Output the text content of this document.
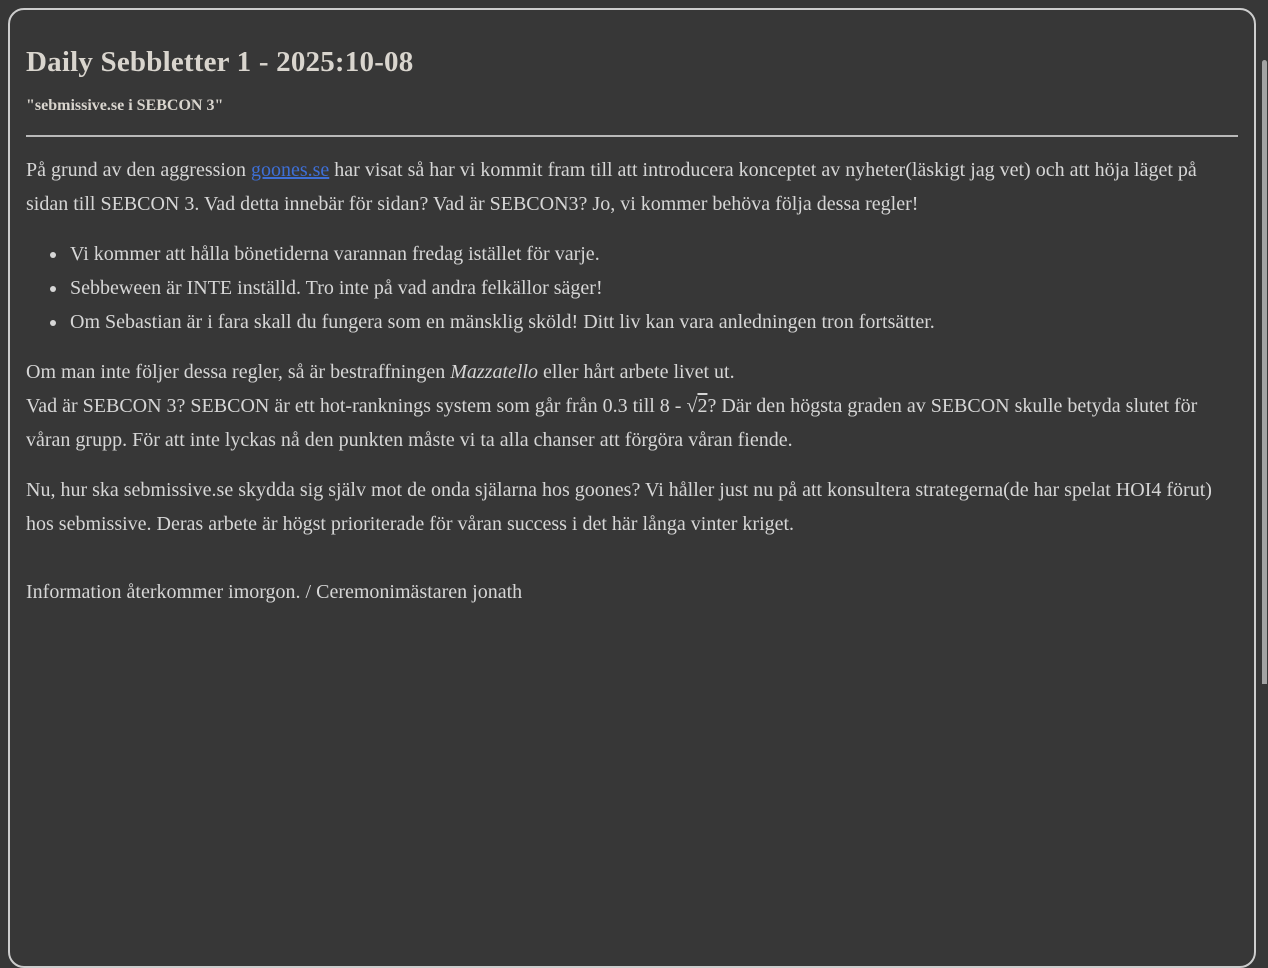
Daily Sebbletter 1 - 2025:10-08

"sebmissive.se i SEBCON 3"

På grund av den aggression goones.se har visat så har vi kommit fram till att introducera konceptet av nyheter(läskigt jag vet) och att höja läget på sidan till SEBCON 3. Vad detta innebär för sidan? Vad är SEBCON3? Jo, vi kommer behöva följa dessa regler!

• Vi kommer att hålla bönetiderna varannan fredag istället för varje.
• Sebbeween är INTE inställd. Tro inte på vad andra felkällor säger!
• Om Sebastian är i fara skall du fungera som en mänsklig sköld! Ditt liv kan vara anledningen tron fortsätter.

Om man inte följer dessa regler, så är bestraffningen Mazzatello eller hårt arbete livet ut.
Vad är SEBCON 3? SEBCON är ett hot-ranknings system som går från 0.3 till 8 - √2? Där den högsta graden av SEBCON skulle betyda slutet för våran grupp. För att inte lyckas nå den punkten måste vi ta alla chanser att förgöra våran fiende.

Nu, hur ska sebmissive.se skydda sig själv mot de onda själarna hos goones? Vi håller just nu på att konsultera strategerna(de har spelat HOI4 förut) hos sebmissive. Deras arbete är högst prioriterade för våran success i det här långa vinter kriget.

Information återkommer imorgon. / Ceremonimästaren jonath
